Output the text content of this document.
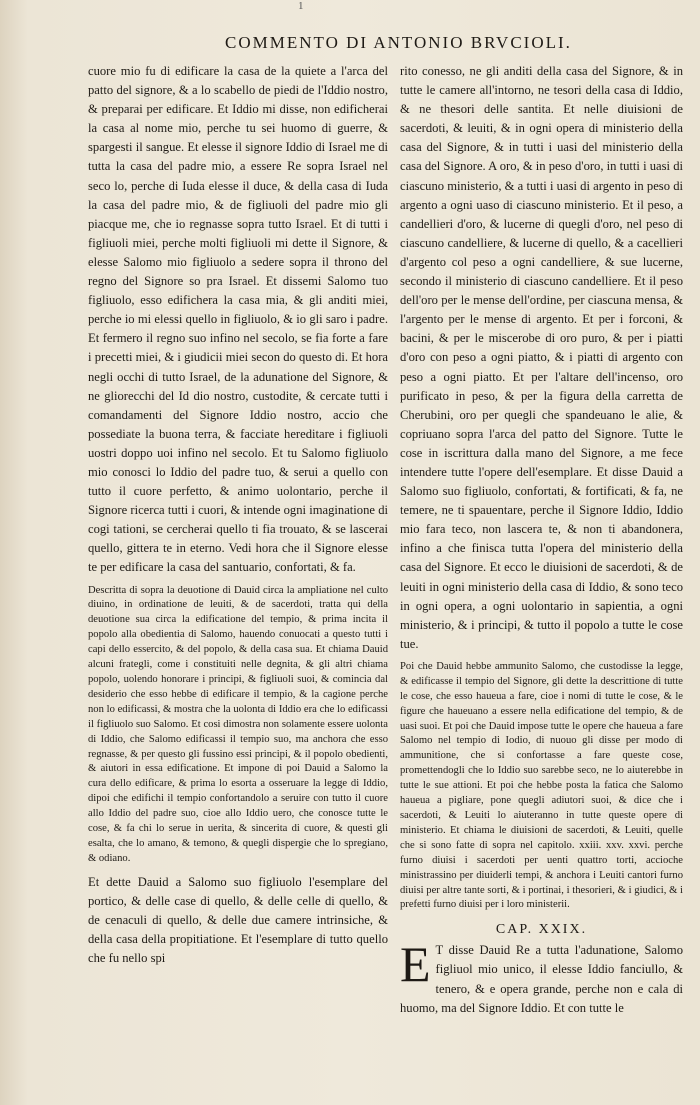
1
COMMENTO DI ANTONIO BRVCIOLI.

cuore mio fu di edificare la casa de la quiete a l'arca del patto del signore, & a lo scabello de piedi de l'Iddio nostro, & preparai per edificare. Et Iddio mi disse, non edificherai la casa al nome mio, perche tu sei huomo di guerre, & spargesti il sangue. Et elesse il signore Iddio di Israel me di tutta la casa del padre mio, a essere Re sopra Israel nel seco lo, perche di Iuda elesse il duce, & della casa di Iuda la casa del padre mio, & de figliuoli del padre mio gli piacque me, che io regnasse sopra tutto Israel. Et di tutti i figliuoli miei, perche molti figliuoli mi dette il Signore, & elesse Salomo mio figliuolo a sedere sopra il throno del regno del Signore so pra Israel. Et dissemi Salomo tuo figliuolo, esso edifichera la casa mia, & gli anditi miei, perche io mi elessi quello in figliuolo, & io gli saro i padre. Et fermero il regno suo infino nel secolo, se fia forte a fare i precetti miei, & i giudicii miei secon do questo di. Et hora negli occhi di tutto Israel, de la adunatione del Signore, & ne gliorecchi del Id dio nostro, custodite, & cercate tutti i comandamenti del Signore Iddio nostro, accio che possediate la buona terra, & facciate hereditare i figliuoli uostri doppo uoi infino nel secolo. Et tu Salomo figliuolo mio conosci lo Iddio del padre tuo, & serui a quello con tutto il cuore perfetto, & animo uolontario, perche il Signore ricerca tutti i cuori, & intende ogni imaginatione di cogi tationi, se cercherai quello ti fia trouato, & se lascerai quello, gittera te in eterno. Vedi hora che il Signore elesse te per edificare la casa del santuario, confortati, & fa.

Descritta di sopra la deuotione di Dauid circa la ampliatione nel culto diuino, in ordinatione de leuiti, & de sacerdoti, tratta qui della deuotione sua circa la edificatione del tempio, & prima incita il popolo alla obedientia di Salomo, hauendo conuocati a questo tutti i capi dello essercito, & del popolo, & della casa sua. Et chiama Dauid alcuni frategli, come i constituiti nelle degnita, & gli altri chiama popolo, uolendo honorare i principi, & figliuoli suoi, & comincia dal desiderio che esso hebbe di edificare il tempio, & la cagione perche non lo edificassi, & mostra che la uolonta di Iddio era che lo edificassi il figliuolo suo Salomo. Et cosi dimostra non solamente essere uolonta di Iddio, che Salomo edificassi il tempio suo, ma anchora che esso regnasse, & per questo gli fussino essi principi, & il popolo obedienti, & aiutori in essa edificatione. Et impone di poi Dauid a Salomo la cura dello edificare, & prima lo esorta a osseruare la legge di Iddio, dipoi che edifichi il tempio confortandolo a seruire con tutto il cuore allo Iddio del padre suo, cioe allo Iddio uero, che conosce tutte le cose, & fa chi lo serue in uerita, & sincerita di cuore, & questi gli esalta, che lo amano, & temono, & quegli dispergie che lo spregiano, & odiano.

Et dette Dauid a Salomo suo figliuolo l'esemplare del portico, & delle case di quello, & delle celle di quello, & de cenaculi di quello, & delle due camere intrinsiche, & della casa della propitiatione. Et l'esemplare di tutto quello che fu nello spi

rito conesso, ne gli anditi della casa del Signore, & in tutte le camere all'intorno, ne tesori della casa di Iddio, & ne thesori delle santita. Et nelle diuisioni de sacerdoti, & leuiti, & in ogni opera di ministerio della casa del Signore, & in tutti i uasi del ministerio della casa del Signore. A oro, & in peso d'oro, in tutti i uasi di ciascuno ministerio, & a tutti i uasi di argento in peso di argento a ogni uaso di ciascuno ministerio. Et il peso, a candellieri d'oro, & lucerne di quegli d'oro, nel peso di ciascuno candelliere, & lucerne di quello, & a cacellieri d'argento col peso a ogni candelliere, & sue lucerne, secondo il ministerio di ciascuno candelliere. Et il peso dell'oro per le mense dell'ordine, per ciascuna mensa, & l'argento per le mense di argento. Et per i forconi, & bacini, & per le miscerobe di oro puro, & per i piatti d'oro con peso a ogni piatto, & i piatti di argento con peso a ogni piatto. Et per l'altare dell'incenso, oro purificato in peso, & per la figura della carretta de Cherubini, oro per quegli che spandeuano le alie, & copriuano sopra l'arca del patto del Signore. Tutte le cose in iscrittura dalla mano del Signore, a me fece intendere tutte l'opere dell'esemplare. Et disse Dauid a Salomo suo figliuolo, confortati, & fortificati, & fa, ne temere, ne ti spauentare, perche il Signore Iddio, Iddio mio fara teco, non lascera te, & non ti abandonera, infino a che finisca tutta l'opera del ministerio della casa del Signore. Et ecco le diuisioni de sacerdoti, & de leuiti in ogni ministerio della casa di Iddio, & sono teco in ogni opera, a ogni uolontario in sapientia, a ogni ministerio, & i principi, & tutto il popolo a tutte le cose tue.

Poi che Dauid hebbe ammunito Salomo, che custodisse la legge, & edificasse il tempio del Signore, gli dette la descrittione di tutte le cose, che esso haueua a fare, cioe i nomi di tutte le cose, & le figure che haueuano a essere nella edificatione del tempio, & de uasi suoi. Et poi che Dauid impose tutte le opere che haueua a fare Salomo nel tempio di Iodio, di nuouo gli disse per modo di ammunitione, che si confortasse a fare queste cose, promettendogli che lo Iddio suo sarebbe seco, ne lo aiuterebbe in tutte le sue attioni. Et poi che hebbe posta la fatica che Salomo haueua a pigliare, pone quegli adiutori suoi, & dice che i sacerdoti, & Leuiti lo aiuteranno in tutte queste opere di ministerio. Et chiama le diuisioni de sacerdoti, & Leuiti, quelle che si sono fatte di sopra nel capitolo. xxiii. xxv. xxvi. perche furno diuisi i sacerdoti per uenti quattro torti, accioche ministrassino per diuiderli tempi, & anchora i Leuiti cantori furno diuisi per altre tante sorti, & i portinai, i thesorieri, & i giudici, & i prefetti furno diuisi per i loro ministerii.

CAP. XXIX.

E T disse Dauid Re a tutta l'adunatione, Salomo figliuol mio unico, il elesse Iddio fanciullo, & tenero, & e opera grande, perche non e cala di huomo, ma del Signore Iddio. Et con tutte le
